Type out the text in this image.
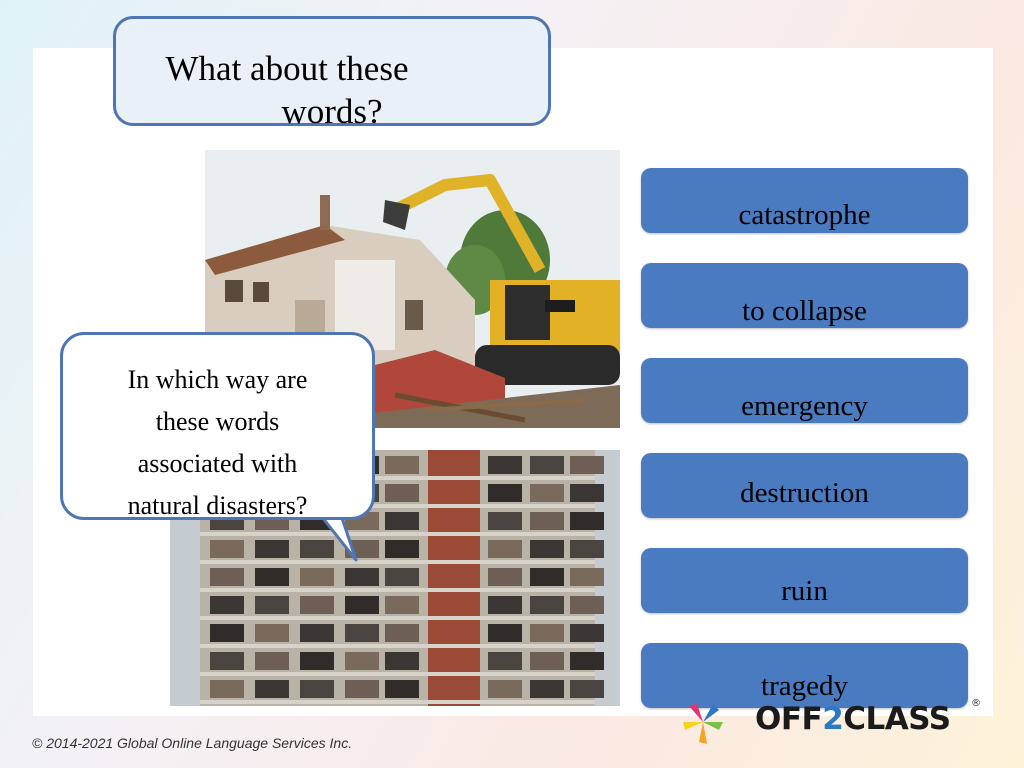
What about these
words?
In which way are
these words
associated with
natural disasters?
catastrophe
to collapse
emergency
destruction
ruin
tragedy
OFF2CLASS ®
© 2014-2021 Global Online Language Services Inc.
